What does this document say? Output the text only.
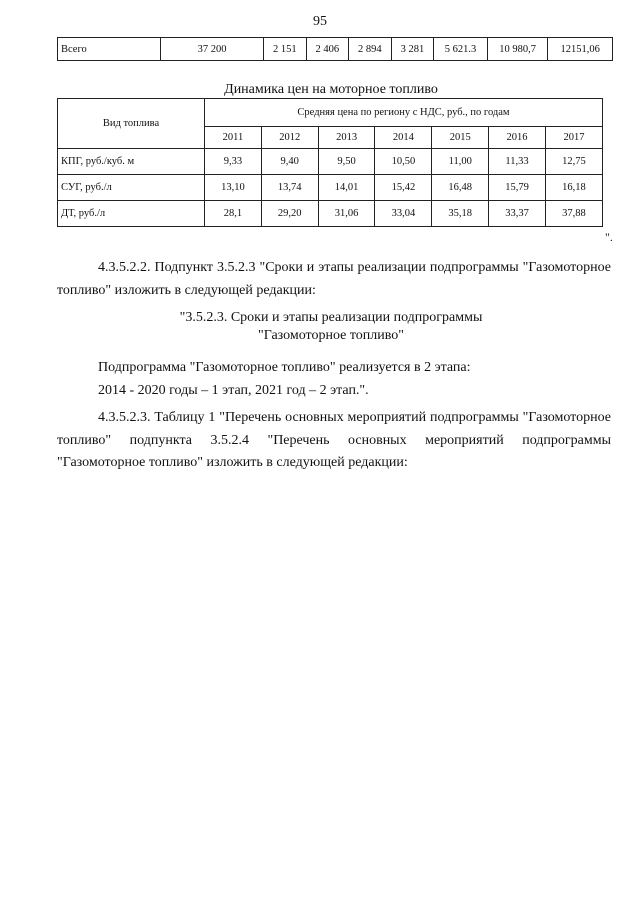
95
Всего	37 200	2 151	2 406	2 894	3 281	5 621.3	10 980,7	12151,06
Динамика цен на моторное топливо
Вид топлива	Средняя цена по региону с НДС, руб., по годам						
	2011	2012	2013	2014	2015	2016	2017
КПГ, руб./куб. м	9,33	9,40	9,50	10,50	11,00	11,33	12,75
СУГ, руб./л	13,10	13,74	14,01	15,42	16,48	15,79	16,18
ДТ, руб./л	28,1	29,20	31,06	33,04	35,18	33,37	37,88
".

4.3.5.2.2. Подпункт 3.5.2.3 "Сроки и этапы реализации подпрограммы "Газомоторное топливо" изложить в следующей редакции:

"3.5.2.3. Сроки и этапы реализации подпрограммы

"Газомоторное топливо"

Подпрограмма "Газомоторное топливо" реализуется в 2 этапа:

2014 - 2020 годы – 1 этап, 2021 год – 2 этап.".

4.3.5.2.3. Таблицу 1 "Перечень основных мероприятий подпрограммы "Газомоторное топливо" подпункта 3.5.2.4 "Перечень основных мероприятий подпрограммы "Газомоторное топливо" изложить в следующей редакции:
